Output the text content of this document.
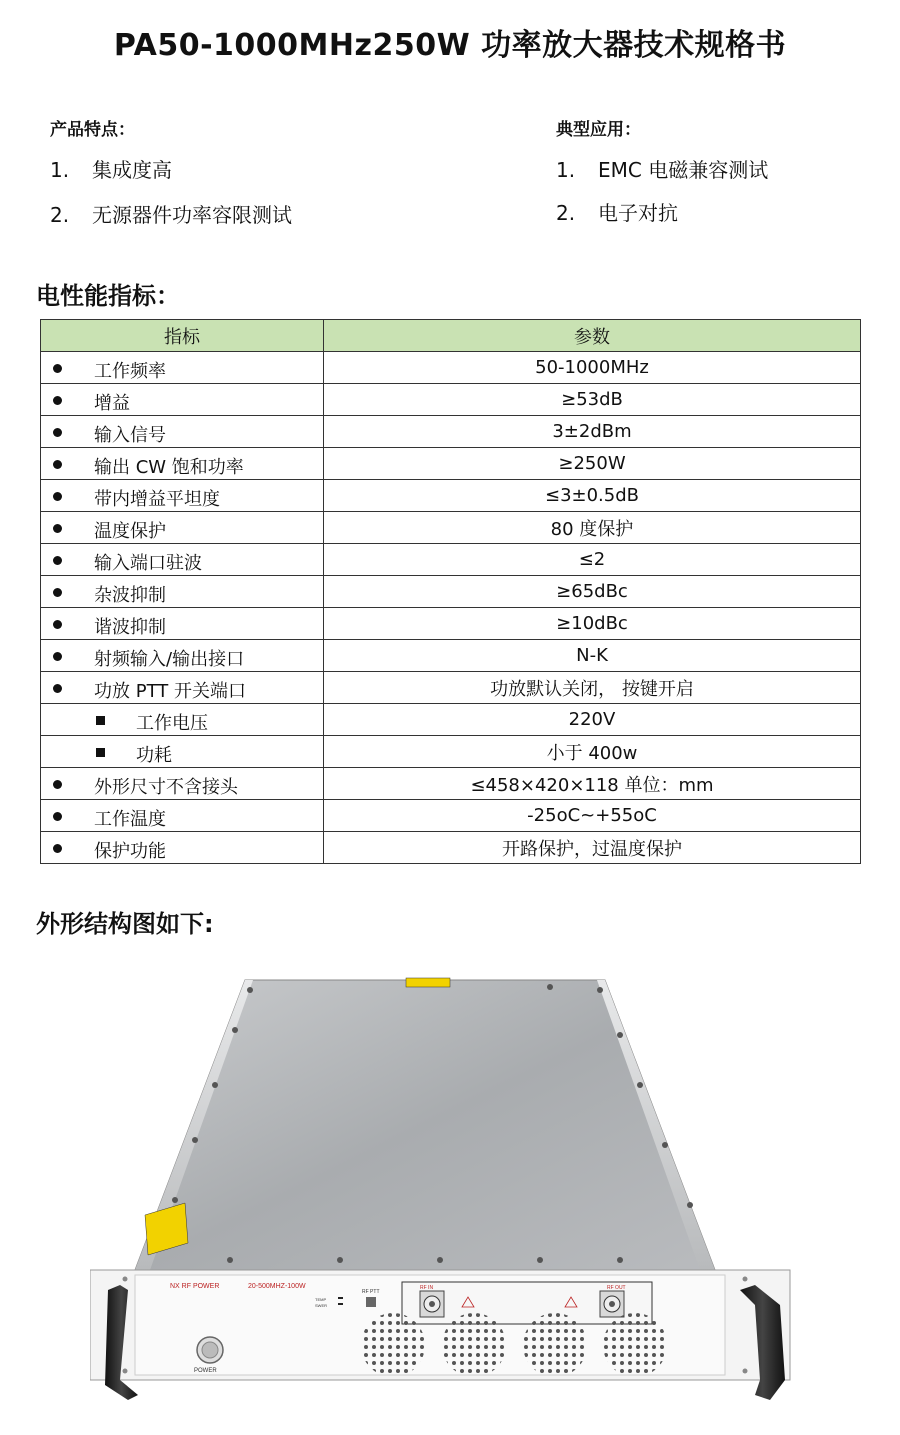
PA50-1000MHz250W 功率放大器技术规格书
产品特点：
1. 集成度高
2. 无源器件功率容限测试
典型应用：
1. EMC 电磁兼容测试
2. 电子对抗
电性能指标：
指标	参数

工作频率	50-1000MHz

增益	≥53dB

输入信号	3±2dBm

输出 CW 饱和功率	≥250W

带内增益平坦度	≤3±0.5dB

温度保护	80 度保护

输入端口驻波	≤2

杂波抑制	≥65dBc

谐波抑制	≥10dBc

射频输入/输出接口	N-K

功放 PTT 开关端口	功放默认关闭， 按键开启

工作电压	220V

功耗	小于 400w

外形尺寸不含接头	≤458×420×118 单位：mm

工作温度	-25oC~+55oC

保护功能	开路保护，过温度保护
外形结构图如下:
NX RF POWER	20-500MHZ-100W
RF PTT
TEMP
SWER
RF IN	RF OUT
POWER
